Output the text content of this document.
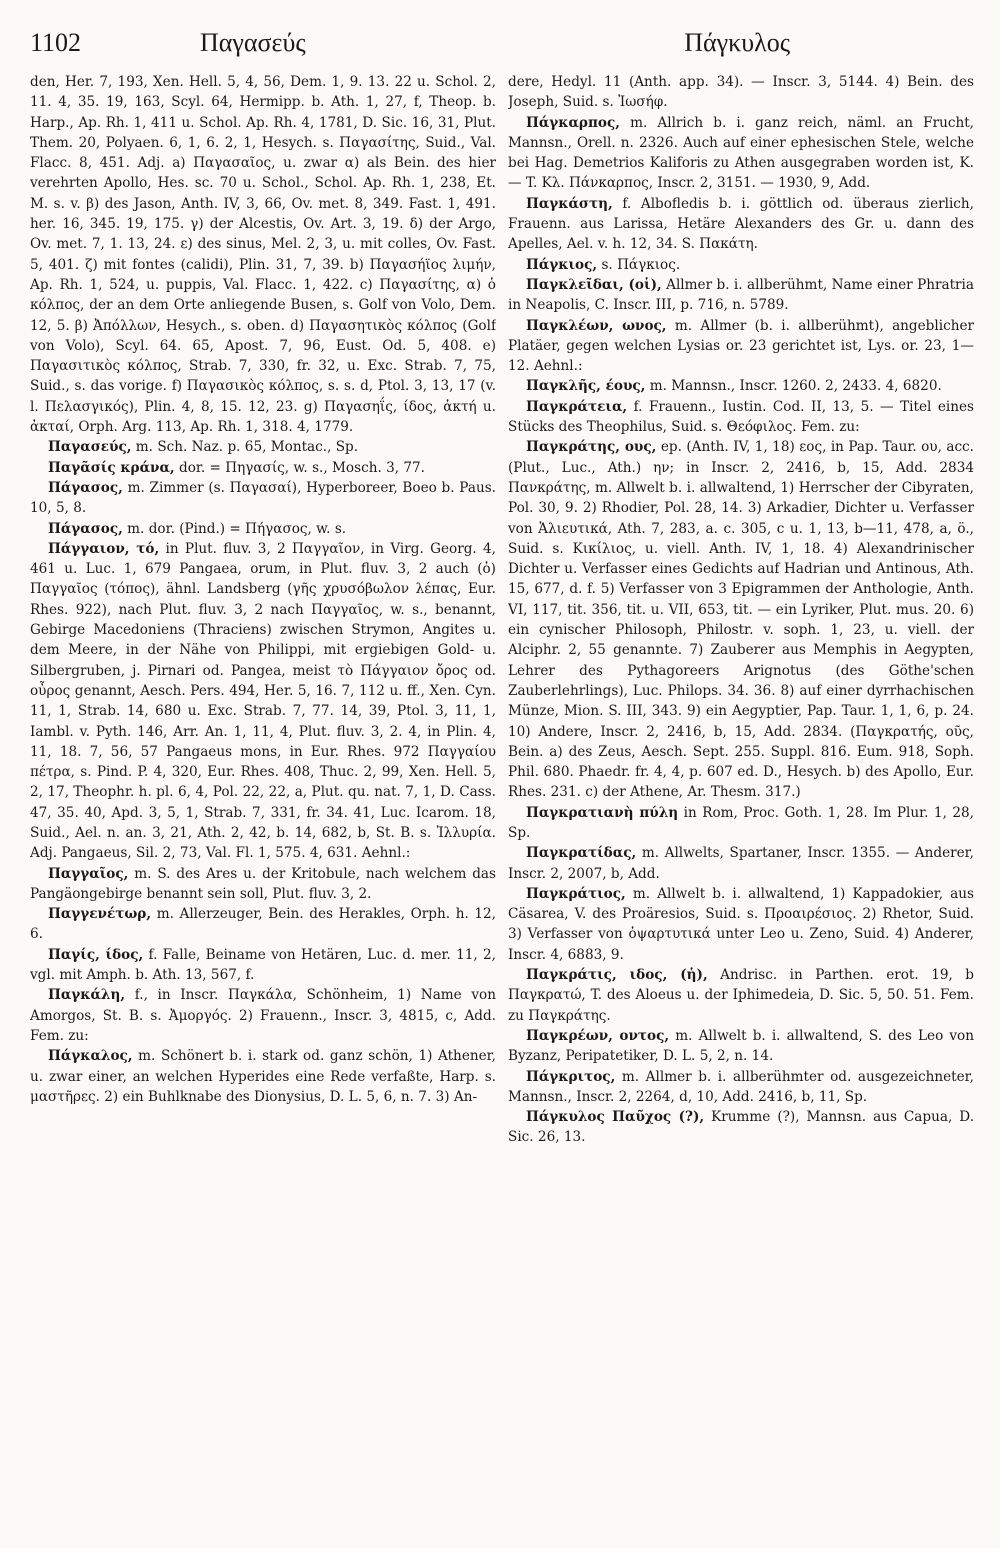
1102	Παγασεύς	Πάγκυλος

den, Her. 7, 193, Xen. Hell. 5, 4, 56, Dem. 1, 9. 13. 22 u. Schol. 2, 11. 4, 35. 19, 163, Scyl. 64, Hermipp. b. Ath. 1, 27, f, Theop. b. Harp., Ap. Rh. 1, 411 u. Schol. Ap. Rh. 4, 1781, D. Sic. 16, 31, Plut. Them. 20, Polyaen. 6, 1, 6. 2, 1, Hesych. s. Παγασίτης, Suid., Val. Flacc. 8, 451. Adj. a) Παγασαῖος, u. zwar α) als Bein. des hier verehrten Apollo, Hes. sc. 70 u. Schol., Schol. Ap. Rh. 1, 238, Et. M. s. v. β) des Jason, Anth. IV, 3, 66, Ov. met. 8, 349. Fast. 1, 491. her. 16, 345. 19, 175. γ) der Alcestis, Ov. Art. 3, 19. δ) der Argo, Ov. met. 7, 1. 13, 24. ε) des sinus, Mel. 2, 3, u. mit colles, Ov. Fast. 5, 401. ζ) mit fontes (calidi), Plin. 31, 7, 39. b) Παγασήϊος λιμήν, Ap. Rh. 1, 524, u. puppis, Val. Flacc. 1, 422. c) Παγασίτης, α) ὁ κόλπος, der an dem Orte anliegende Busen, s. Golf von Volo, Dem. 12, 5. β) Ἀπόλλων, Hesych., s. oben. d) Παγασητικὸς κόλπος (Golf von Volo), Scyl. 64. 65, Apost. 7, 96, Eust. Od. 5, 408. e) Παγασιτικὸς κόλπος, Strab. 7, 330, fr. 32, u. Exc. Strab. 7, 75, Suid., s. das vorige. f) Παγασικὸς κόλπος, s. s. d, Ptol. 3, 13, 17 (v. l. Πελασγικός), Plin. 4, 8, 15. 12, 23. g) Παγασηΐς, ίδος, ἀκτή u. ἀκταί, Orph. Arg. 113, Ap. Rh. 1, 318. 4, 1779.

Παγασεύς, m. Sch. Naz. p. 65, Montac., Sp.

Παγᾶσίς κράνα, dor. = Πηγασίς, w. s., Mosch. 3, 77.

Πάγασος, m. Zimmer (s. Παγασαί), Hyperboreer, Boeo b. Paus. 10, 5, 8.

Πάγασος, m. dor. (Pind.) = Πήγασος, w. s.

Πάγγαιον, τό, in Plut. fluv. 3, 2 Παγγαῖον, in Virg. Georg. 4, 461 u. Luc. 1, 679 Pangaea, orum, in Plut. fluv. 3, 2 auch (ὁ) Παγγαῖος (τόπος), ähnl. Landsberg (γῆς χρυσόβωλον λέπας, Eur. Rhes. 922), nach Plut. fluv. 3, 2 nach Παγγαῖος, w. s., benannt, Gebirge Macedoniens (Thraciens) zwischen Strymon, Angites u. dem Meere, in der Nähe von Philippi, mit ergiebigen Gold- u. Silbergruben, j. Pirnari od. Pangea, meist τὸ Πάγγαιον ὄρος od. οὖρος genannt, Aesch. Pers. 494, Her. 5, 16. 7, 112 u. ff., Xen. Cyn. 11, 1, Strab. 14, 680 u. Exc. Strab. 7, 77. 14, 39, Ptol. 3, 11, 1, Iambl. v. Pyth. 146, Arr. An. 1, 11, 4, Plut. fluv. 3, 2. 4, in Plin. 4, 11, 18. 7, 56, 57 Pangaeus mons, in Eur. Rhes. 972 Παγγαίου πέτρα, s. Pind. P. 4, 320, Eur. Rhes. 408, Thuc. 2, 99, Xen. Hell. 5, 2, 17, Theophr. h. pl. 6, 4, Pol. 22, 22, a, Plut. qu. nat. 7, 1, D. Cass. 47, 35. 40, Apd. 3, 5, 1, Strab. 7, 331, fr. 34. 41, Luc. Icarom. 18, Suid., Ael. n. an. 3, 21, Ath. 2, 42, b. 14, 682, b, St. B. s. Ἰλλυρία. Adj. Pangaeus, Sil. 2, 73, Val. Fl. 1, 575. 4, 631. Aehnl.:

Παγγαῖος, m. S. des Ares u. der Kritobule, nach welchem das Pangäongebirge benannt sein soll, Plut. fluv. 3, 2.

Παγγενέτωρ, m. Allerzeuger, Bein. des Herakles, Orph. h. 12, 6.

Παγίς, ίδος, f. Falle, Beiname von Hetären, Luc. d. mer. 11, 2, vgl. mit Amph. b. Ath. 13, 567, f.

Παγκάλη, f., in Inscr. Παγκάλα, Schönheim, 1) Name von Amorgos, St. B. s. Ἀμοργός. 2) Frauenn., Inscr. 3, 4815, c, Add. Fem. zu:

Πάγκαλος, m. Schönert b. i. stark od. ganz schön, 1) Athener, u. zwar einer, an welchen Hyperides eine Rede verfaßte, Harp. s. μαστῆρες. 2) ein Buhlknabe des Dionysius, D. L. 5, 6, n. 7. 3) An-

dere, Hedyl. 11 (Anth. app. 34). — Inscr. 3, 5144. 4) Bein. des Joseph, Suid. s. Ἰωσήφ.

Πάγκαρπος, m. Allrich b. i. ganz reich, näml. an Frucht, Mannsn., Orell. n. 2326. Auch auf einer ephesischen Stele, welche bei Hag. Demetrios Kaliforis zu Athen ausgegraben worden ist, K. — T. Κλ. Πάνκαρπος, Inscr. 2, 3151. — 1930, 9, Add.

Παγκάστη, f. Albofledis b. i. göttlich od. überaus zierlich, Frauenn. aus Larissa, Hetäre Alexanders des Gr. u. dann des Apelles, Ael. v. h. 12, 34. S. Πακάτη.

Πάγκιος, s. Πάγκιος.

Παγκλεῖδαι, (οἱ), Allmer b. i. allberühmt, Name einer Phratria in Neapolis, C. Inscr. III, p. 716, n. 5789.

Παγκλέων, ωνος, m. Allmer (b. i. allberühmt), angeblicher Platäer, gegen welchen Lysias or. 23 gerichtet ist, Lys. or. 23, 1—12. Aehnl.:

Παγκλῆς, έους, m. Mannsn., Inscr. 1260. 2, 2433. 4, 6820.

Παγκράτεια, f. Frauenn., Iustin. Cod. II, 13, 5. — Titel eines Stücks des Theophilus, Suid. s. Θεόφιλος. Fem. zu:

Παγκράτης, ους, ep. (Anth. IV, 1, 18) εος, in Pap. Taur. ου, acc. (Plut., Luc., Ath.) ην; in Inscr. 2, 2416, b, 15, Add. 2834 Πανκράτης, m. Allwelt b. i. allwaltend, 1) Herrscher der Cibyraten, Pol. 30, 9. 2) Rhodier, Pol. 28, 14. 3) Arkadier, Dichter u. Verfasser von Ἁλιευτικά, Ath. 7, 283, a. c. 305, c u. 1, 13, b—11, 478, a, ö., Suid. s. Κικίλιος, u. viell. Anth. IV, 1, 18. 4) Alexandrinischer Dichter u. Verfasser eines Gedichts auf Hadrian und Antinous, Ath. 15, 677, d. f. 5) Verfasser von 3 Epigrammen der Anthologie, Anth. VI, 117, tit. 356, tit. u. VII, 653, tit. — ein Lyriker, Plut. mus. 20. 6) ein cynischer Philosoph, Philostr. v. soph. 1, 23, u. viell. der Alciphr. 2, 55 genannte. 7) Zauberer aus Memphis in Aegypten, Lehrer des Pythagoreers Arignotus (des Göthe'schen Zauberlehrlings), Luc. Philops. 34. 36. 8) auf einer dyrrhachischen Münze, Mion. S. III, 343. 9) ein Aegyptier, Pap. Taur. 1, 1, 6, p. 24. 10) Andere, Inscr. 2, 2416, b, 15, Add. 2834. (Παγκρατής, οῦς, Bein. a) des Zeus, Aesch. Sept. 255. Suppl. 816. Eum. 918, Soph. Phil. 680. Phaedr. fr. 4, 4, p. 607 ed. D., Hesych. b) des Apollo, Eur. Rhes. 231. c) der Athene, Ar. Thesm. 317.)

Παγκρατιανὴ πύλη in Rom, Proc. Goth. 1, 28. Im Plur. 1, 28, Sp.

Παγκρατίδας, m. Allwelts, Spartaner, Inscr. 1355. — Anderer, Inscr. 2, 2007, b, Add.

Παγκράτιος, m. Allwelt b. i. allwaltend, 1) Kappadokier, aus Cäsarea, V. des Proäresios, Suid. s. Προαιρέσιος. 2) Rhetor, Suid. 3) Verfasser von ὀψαρτυτικά unter Leo u. Zeno, Suid. 4) Anderer, Inscr. 4, 6883, 9.

Παγκράτις, ιδος, (ἡ), Andrisc. in Parthen. erot. 19, b Παγκρατώ, T. des Aloeus u. der Iphimedeia, D. Sic. 5, 50. 51. Fem. zu Παγκράτης.

Παγκρέων, οντος, m. Allwelt b. i. allwaltend, S. des Leo von Byzanz, Peripatetiker, D. L. 5, 2, n. 14.

Πάγκριτος, m. Allmer b. i. allberühmter od. ausgezeichneter, Mannsn., Inscr. 2, 2264, d, 10, Add. 2416, b, 11, Sp.

Πάγκυλος Παῦχος (?), Krumme (?), Mannsn. aus Capua, D. Sic. 26, 13.
